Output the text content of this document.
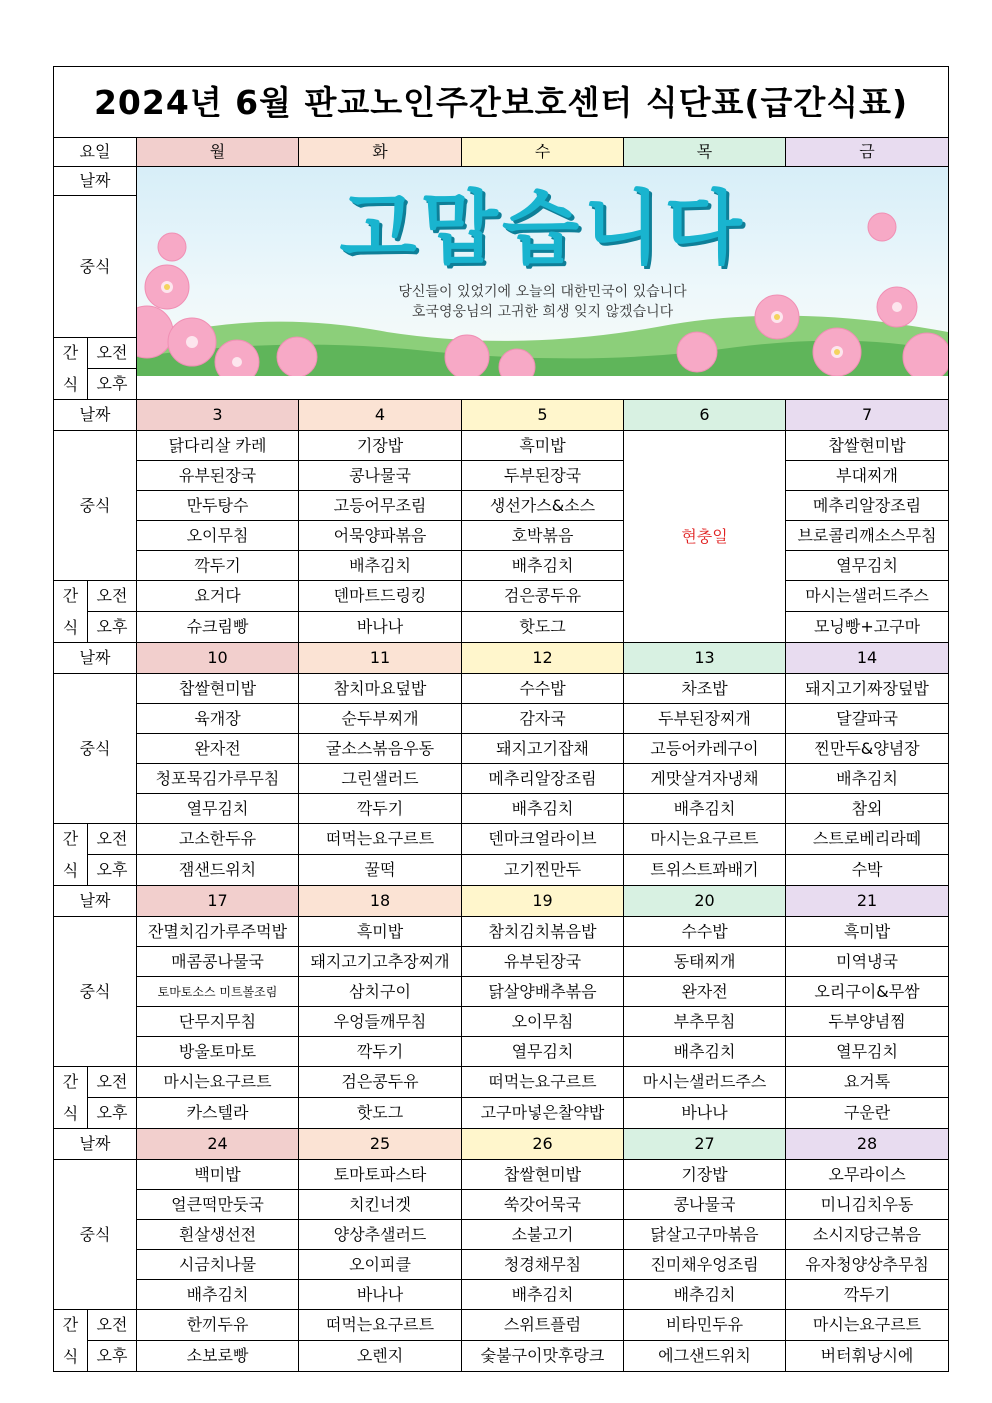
2024년 6월 판교노인주간보호센터 식단표(급간식표)						
요일		월	화	수	목	금
날짜		고맙습니다
당신들이 있었기에 오늘의 대한민국이 있습니다
호국영웅님의 고귀한 희생 잊지 않겠습니다				

중식						
간

식	오전					
	오후					
날짜		3	4	5	6	7
중식		닭다리살 카레	기장밥	흑미밥	현충일	찹쌀현미밥
		유부된장국	콩나물국	두부된장국		부대찌개
		만두탕수	고등어무조림	생선가스&소스		메추리알장조림
		오이무침	어묵양파볶음	호박볶음		브로콜리깨소스무침
		깍두기	배추김치	배추김치		열무김치
간

식	오전	요거다	덴마트드링킹	검은콩두유		마시는샐러드주스
	오후	슈크림빵	바나나	핫도그		모닝빵+고구마
날짜		10	11	12	13	14
중식		찹쌀현미밥	참치마요덮밥	수수밥	차조밥	돼지고기짜장덮밥
		육개장	순두부찌개	감자국	두부된장찌개	달걀파국
		완자전	굴소스볶음우동	돼지고기잡채	고등어카레구이	찐만두&양념장
		청포묵김가루무침	그린샐러드	메추리알장조림	게맛살겨자냉채	배추김치
		열무김치	깍두기	배추김치	배추김치	참외
간

식	오전	고소한두유	떠먹는요구르트	덴마크얼라이브	마시는요구르트	스트로베리라떼
	오후	잼샌드위치	꿀떡	고기찐만두	트위스트꽈배기	수박
날짜		17	18	19	20	21
중식		잔멸치김가루주먹밥	흑미밥	참치김치볶음밥	수수밥	흑미밥
		매콤콩나물국	돼지고기고추장찌개	유부된장국	동태찌개	미역냉국
		토마토소스 미트볼조림	삼치구이	닭살양배추볶음	완자전	오리구이&무쌈
		단무지무침	우엉들깨무침	오이무침	부추무침	두부양념찜
		방울토마토	깍두기	열무김치	배추김치	열무김치
간

식	오전	마시는요구르트	검은콩두유	떠먹는요구르트	마시는샐러드주스	요거톡
	오후	카스텔라	핫도그	고구마넣은찰약밥	바나나	구운란
날짜		24	25	26	27	28
중식		백미밥	토마토파스타	찹쌀현미밥	기장밥	오무라이스
		얼큰떡만둣국	치킨너겟	쑥갓어묵국	콩나물국	미니김치우동
		흰살생선전	양상추샐러드	소불고기	닭살고구마볶음	소시지당근볶음
		시금치나물	오이피클	청경채무침	진미채우엉조림	유자청양상추무침
		배추김치	바나나	배추김치	배추김치	깍두기
간

식	오전	한끼두유	떠먹는요구르트	스위트플럼	비타민두유	마시는요구르트
	오후	소보로빵	오렌지	숯불구이맛후랑크	에그샌드위치	버터휘낭시에
